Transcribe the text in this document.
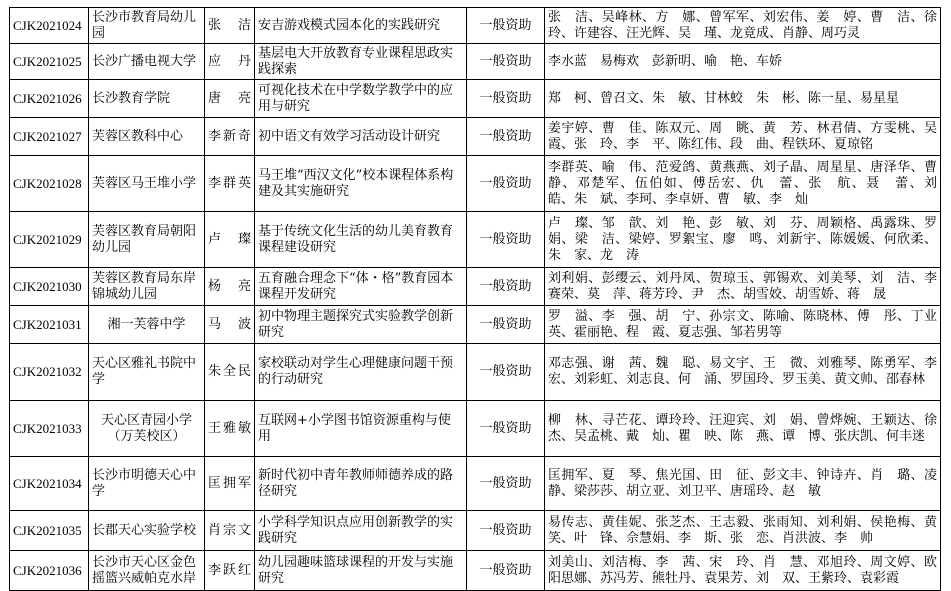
CJK2021024	长沙市教育局幼儿园	张　洁	安吉游戏模式园本化的实践研究	一般资助	张　洁、吴峰林、方　娜、曾军军、刘宏伟、姜　婷、曹　洁、徐玲、许建容、汪光辉、吴　瑾、龙竟成、肖静、周巧灵
CJK2021025	长沙广播电视大学	应　丹	基层电大开放教育专业课程思政实践探索	一般资助	李水蓝　易梅欢　彭新明、喻　艳、车娇
CJK2021026	长沙教育学院	唐　亮	可视化技术在中学数学教学中的应用与研究	一般资助	郑　柯、曾召文、朱　敏、甘林蛟　朱　彬、陈一星、易星星
CJK2021027	芙蓉区教科中心	李新奇	初中语文有效学习活动设计研究	一般资助	姜宇婷、曹　佳、陈双元、周　眺、黄　芳、林君倩、方雯桃、吴霞、张　玲、李　平、陈红伟、段　曲、程铁环、夏琼铭
CJK2021028	芙蓉区马王堆小学	李群英	马王堆“西汉文化”校本课程体系构建及其实施研究	一般资助	李群英、喻　伟、范爱鸽、黄燕燕、刘子晶、周星星、唐泽华、曹　静、邓楚军、伍伯如、傅岳宏、仇　蕾、张　航、聂　蕾、刘　皓、朱　斌、李珂、李卓妍、曹　敏、李　灿
CJK2021029	芙蓉区教育局朝阳幼儿园	卢　璨	基于传统文化生活的幼儿美育教育课程建设研究	一般资助	卢　璨、邹　歆、刘　艳、彭　敏、刘　芬、周颖格、禹露珠、罗　娟、梁　洁、梁婷、罗絮宝、廖　鸣、刘新宇、陈媛媛、何欣柔、朱　家、龙　涛
CJK2021030	芙蓉区教育局东岸锦城幼儿园	杨　亮	五育融合理念下“体・格”教育园本课程开发研究	一般资助	刘利娟、彭缨云、刘丹凤、贺琼玉、郭锡欢、刘美琴、刘　洁、李赛荣、莫　萍、蒋芳玲、尹　杰、胡雪姣、胡雪娇、蒋　晟
CJK2021031	湘一芙蓉中学	马　波	初中物理主题探究式实验教学创新研究	一般资助	罗　溢、李　强、胡　宁、孙宗文、陈喻、陈晓林、傅　彤、丁业英、霍丽艳、程　霞、夏志强、邹若男等
CJK2021032	天心区雅礼书院中学	朱全民	家校联动对学生心理健康问题干预的行动研究	一般资助	邓志强、谢　茜、魏　聪、易文宇、王　微、刘雅琴、陈勇军、李宏、刘彩虹、刘志良、何　涌、罗国玲、罗玉美、黄文帅、邵春林
CJK2021033	天心区青园小学（万芙校区）	王雅敏	互联网+小学图书馆资源重构与使用	一般资助	柳　林、寻芒花、谭玲玲、汪迎宾、刘　娟、曾烨婉、王颖达、徐　杰、吴孟桃、戴　灿、瞿　映、陈　燕、谭　博、张庆凯、何丰迷
CJK2021034	长沙市明德天心中学	匡拥军	新时代初中青年教师师德养成的路径研究	一般资助	匡拥军、夏　琴、焦光国、田　征、彭文丰、钟诗卉、肖　璐、凌静、梁莎莎、胡立亚、刘卫平、唐瑶玲、赵　敏
CJK2021035	长郡天心实验学校	肖宗文	小学科学知识点应用创新教学的实践研究	一般资助	易传志、黄佳妮、张芝杰、王志毅、张雨知、刘利娟、侯艳梅、黄　笑、叶　锋、佘慧娟、李　斯、张　恋、肖洪波、李　帅
CJK2021036	长沙市天心区金色摇篮兴威帕克水岸	李跃红	幼儿园趣味篮球课程的开发与实施研究	一般资助	刘美山、刘洁梅、李　茜、宋　玲、肖　慧、邓旭玲、周文婷、欧阳思娜、苏冯芳、熊牡丹、袁果芳、刘　双、王紫玲、袁彩霞
